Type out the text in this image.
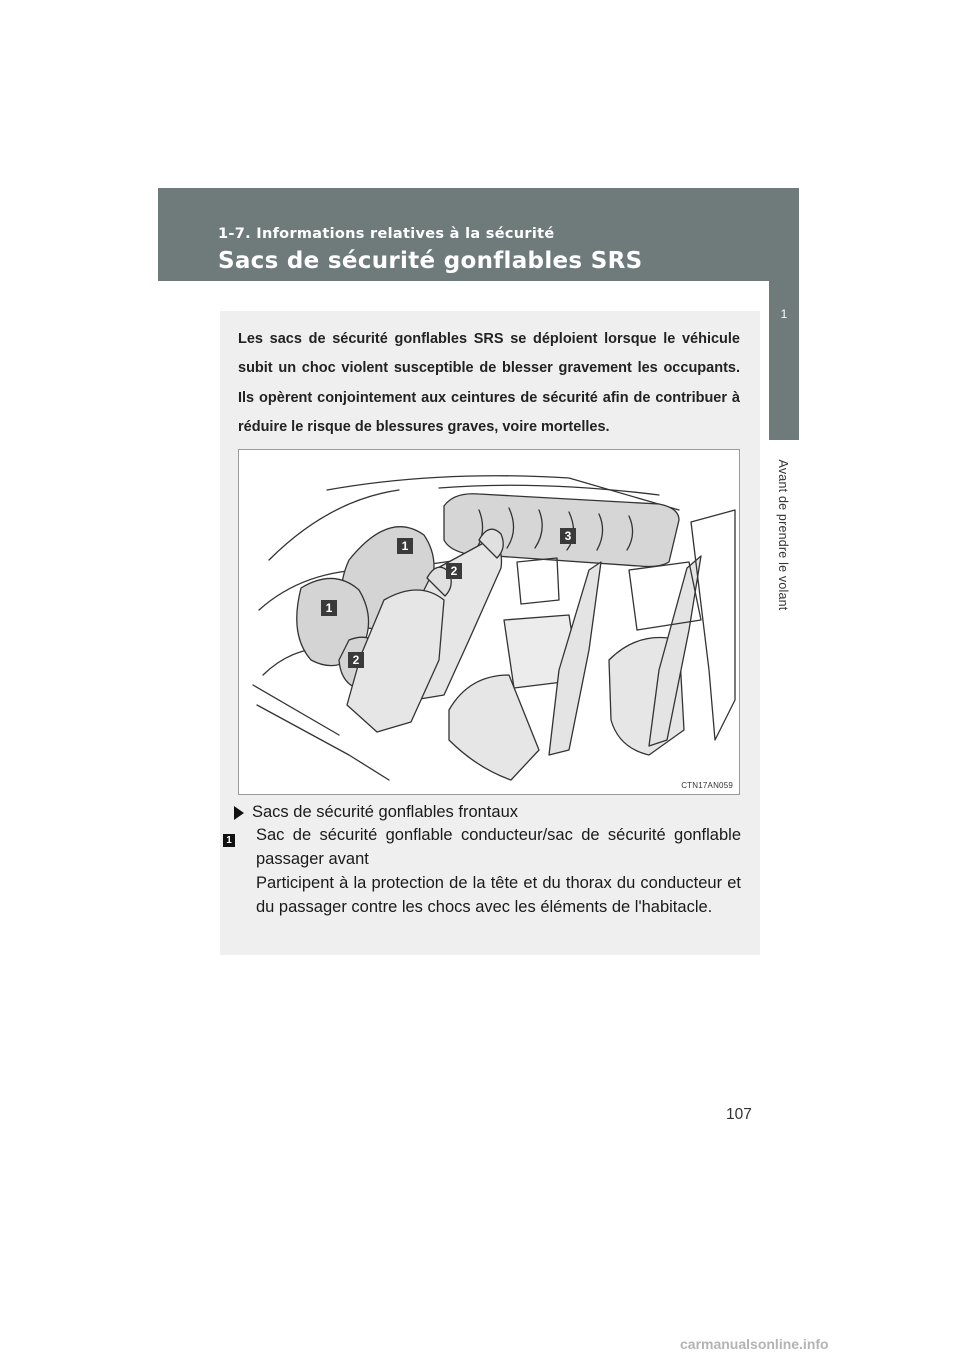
1-7. Informations relatives à la sécurité
Sacs de sécurité gonflables SRS
1
Avant de prendre le volant

Les sacs de sécurité gonflables SRS se déploient lorsque le véhicule subit un choc violent susceptible de blesser gravement les occupants. Ils opèrent conjointement aux ceintures de sécurité afin de contribuer à réduire le risque de blessures graves, voire mortelles.

1
1
2
2
3
CTN17AN059
Sacs de sécurité gonflables frontaux
1 Sac de sécurité gonflable conducteur/sac de sécurité gonflable passager avant
Participent à la protection de la tête et du thorax du conducteur et du passager contre les chocs avec les éléments de l'habitacle.

107
carmanualsonline.info
